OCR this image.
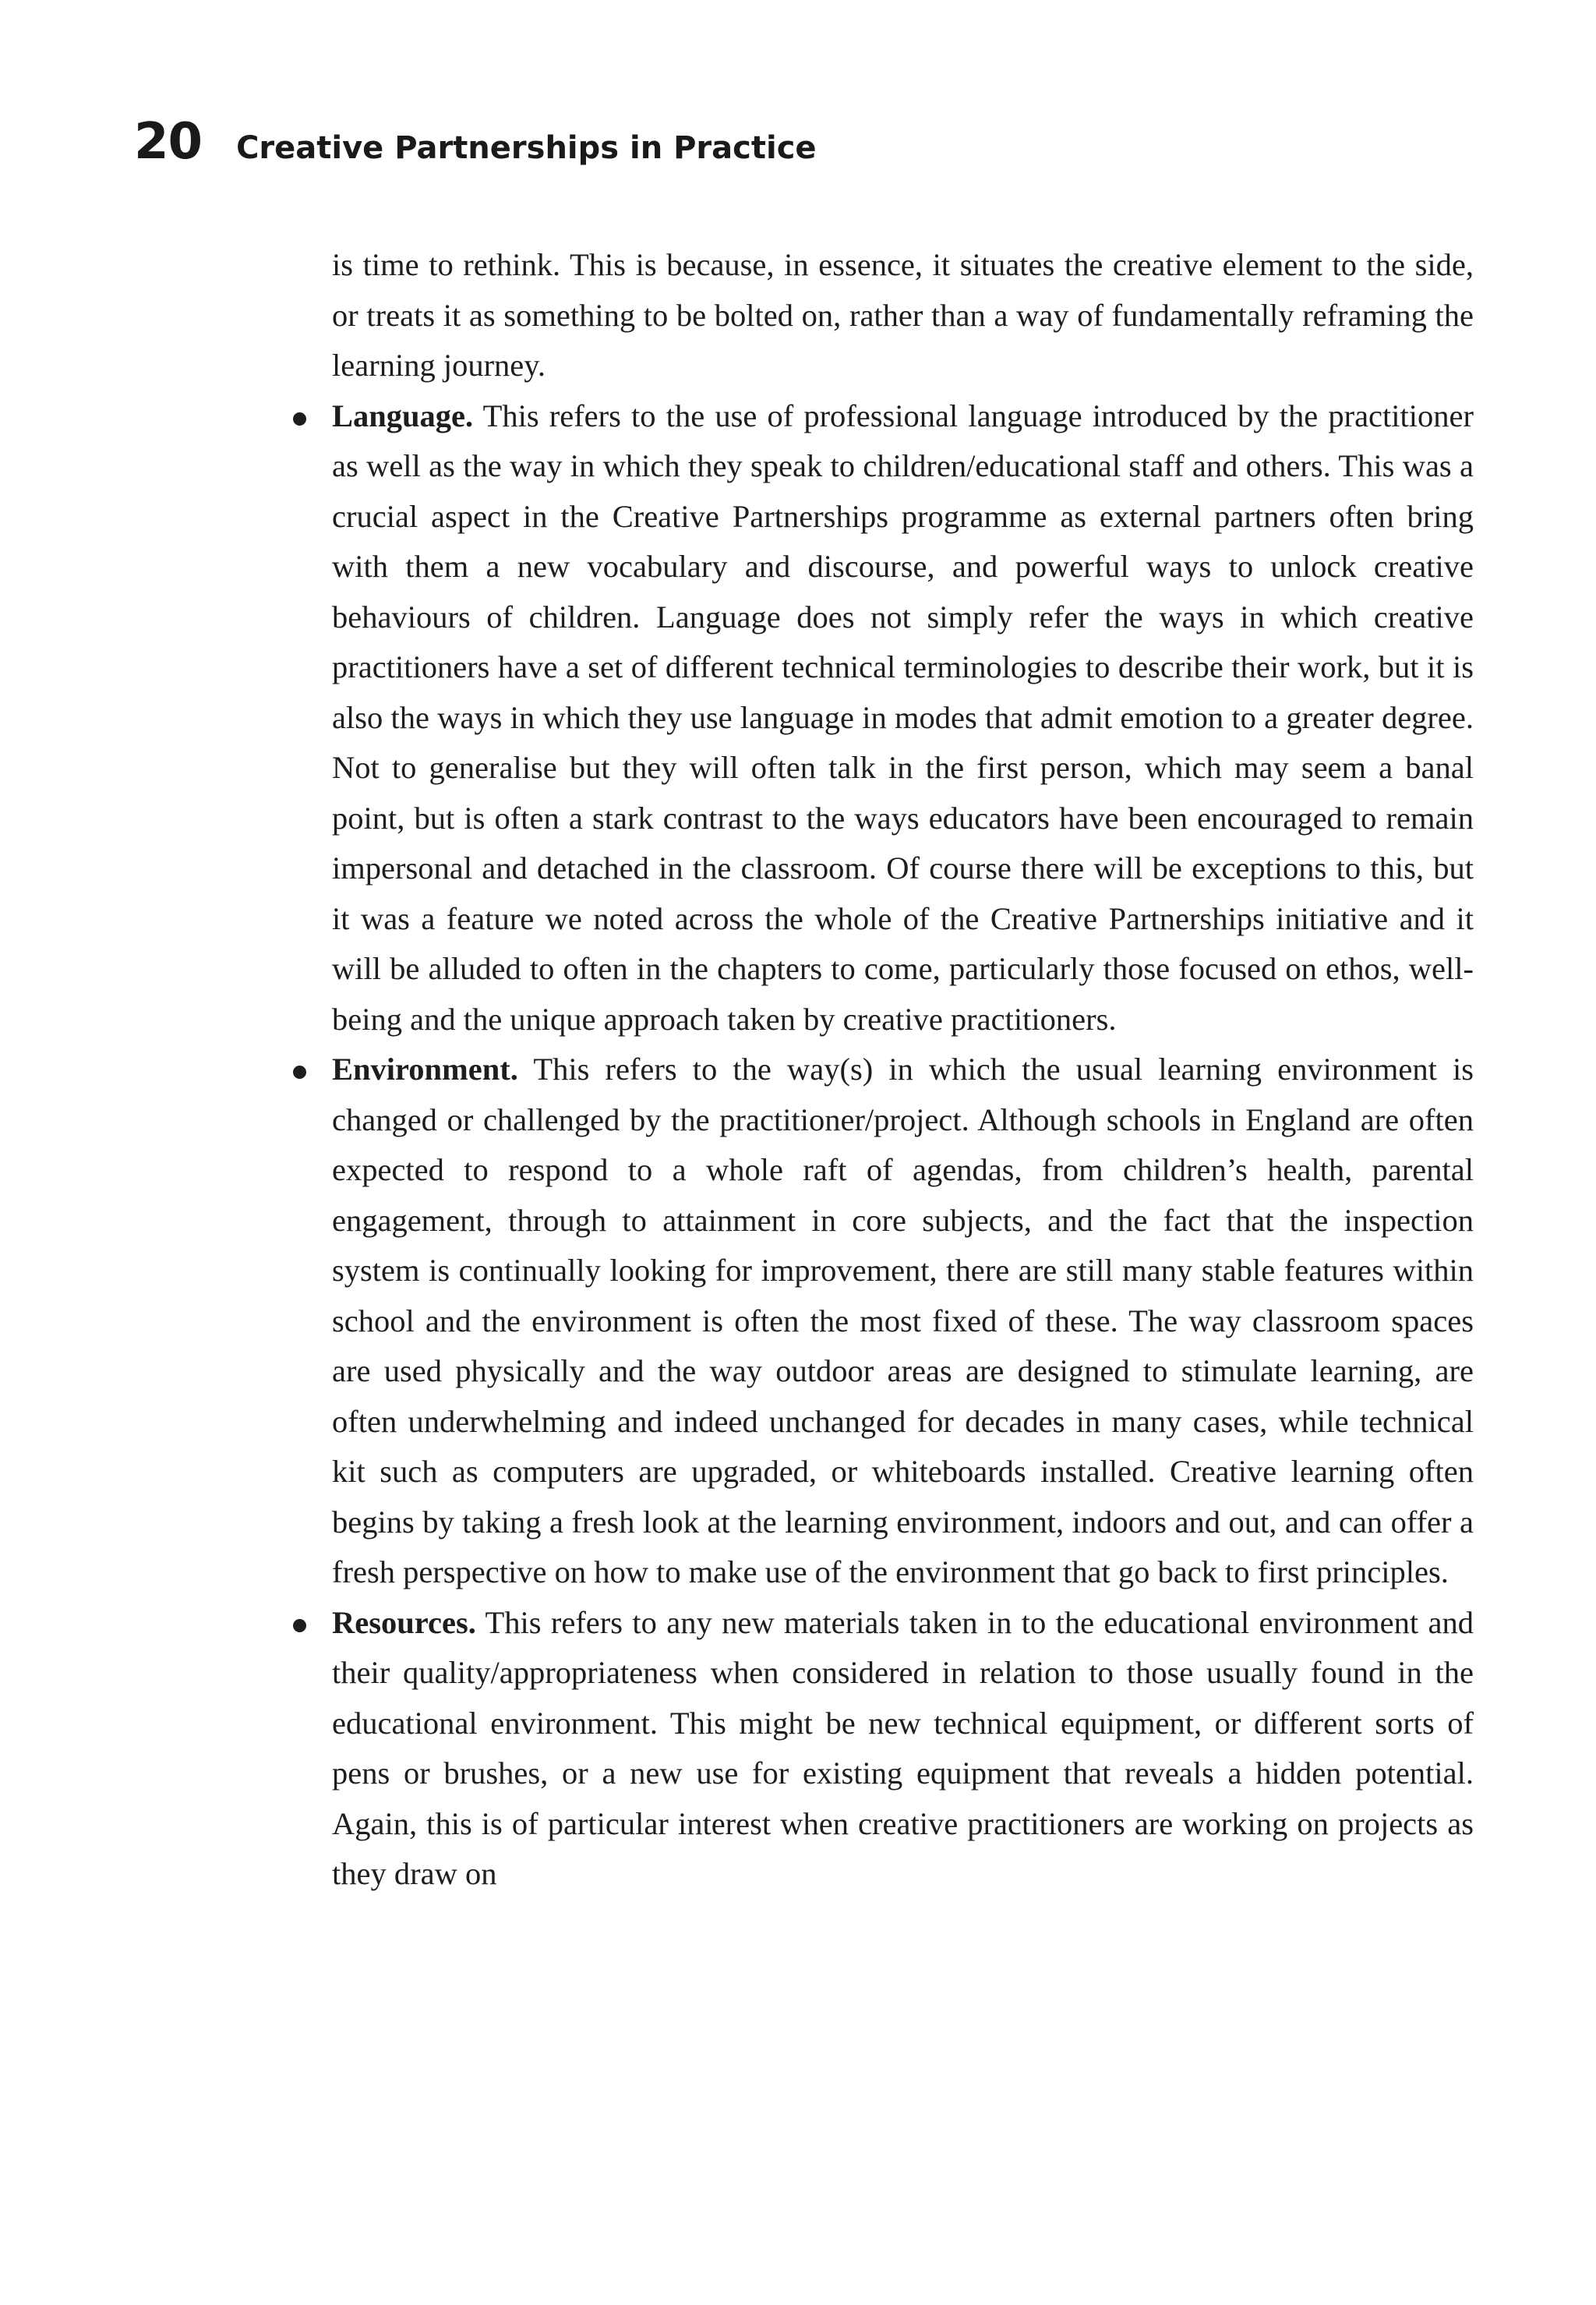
20 Creative Partnerships in Practice

is time to rethink. This is because, in essence, it situates the creative element to the side, or treats it as something to be bolted on, rather than a way of fundamentally reframing the learning journey.

Language. This refers to the use of professional language introduced by the practitioner as well as the way in which they speak to children/educational staff and others. This was a crucial aspect in the Creative Partnerships programme as external partners often bring with them a new vocabulary and discourse, and powerful ways to unlock creative behaviours of children. Language does not simply refer the ways in which creative practitioners have a set of different technical terminologies to describe their work, but it is also the ways in which they use language in modes that admit emotion to a greater degree. Not to generalise but they will often talk in the first person, which may seem a banal point, but is often a stark contrast to the ways educators have been encouraged to remain impersonal and detached in the classroom. Of course there will be exceptions to this, but it was a feature we noted across the whole of the Creative Partnerships initiative and it will be alluded to often in the chapters to come, particularly those focused on ethos, well-being and the unique approach taken by creative practitioners.

Environment. This refers to the way(s) in which the usual learning environment is changed or challenged by the practitioner/project. Although schools in England are often expected to respond to a whole raft of agendas, from children’s health, parental engagement, through to attainment in core subjects, and the fact that the inspection system is continually looking for improvement, there are still many stable features within school and the environment is often the most fixed of these. The way classroom spaces are used physically and the way outdoor areas are designed to stimulate learning, are often underwhelming and indeed unchanged for decades in many cases, while technical kit such as computers are upgraded, or whiteboards installed. Creative learning often begins by taking a fresh look at the learning environment, indoors and out, and can offer a fresh perspective on how to make use of the environment that go back to first principles.

Resources. This refers to any new materials taken in to the educational environment and their quality/appropriateness when considered in relation to those usually found in the educational environment. This might be new technical equipment, or different sorts of pens or brushes, or a new use for existing equipment that reveals a hidden potential. Again, this is of particular interest when creative practitioners are working on projects as they draw on
